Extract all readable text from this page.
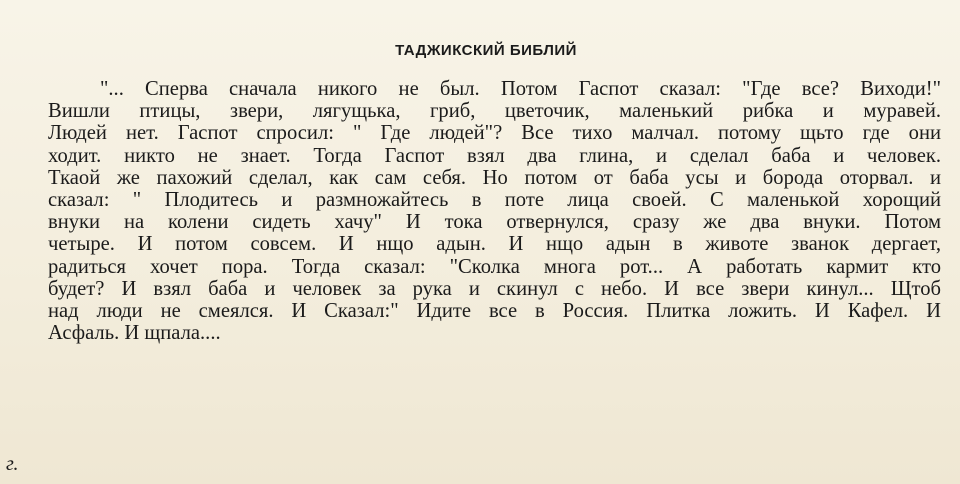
ТАДЖИКСКИЙ БИБЛИЙ
"... Сперва сначала никого не был. Потом Гаспот сказал: "Где все? Виходи!"
Вишли птицы, звери, лягущька, гриб, цветочик, маленький рибка и муравей.
Людей нет. Гаспот спросил: " Где людей"? Все тихо малчал. потому щьто где они
ходит. никто не знает. Тогда Гаспот взял два глина, и сделал баба и человек.
Ткаой же пахожий сделал, как сам себя. Но потом от баба усы и борода оторвал. и
сказал: " Плодитесь и размножайтесь в поте лица своей. С маленькой хорощий
внуки на колени сидеть хачу" И тока отвернулся, сразу же два внуки. Потом
четыре. И потом совсем. И нщо адын. И нщо адын в животе званок дергает,
радиться хочет пора. Тогда сказал: "Сколка многа рот... А работать кармит кто
будет? И взял баба и человек за рука и скинул с небо. И все звери кинул... Щтоб
над люди не смеялся. И Сказал:" Идите все в Россия. Плитка ложить. И Кафел. И
Асфаль. И щпала....
г.
